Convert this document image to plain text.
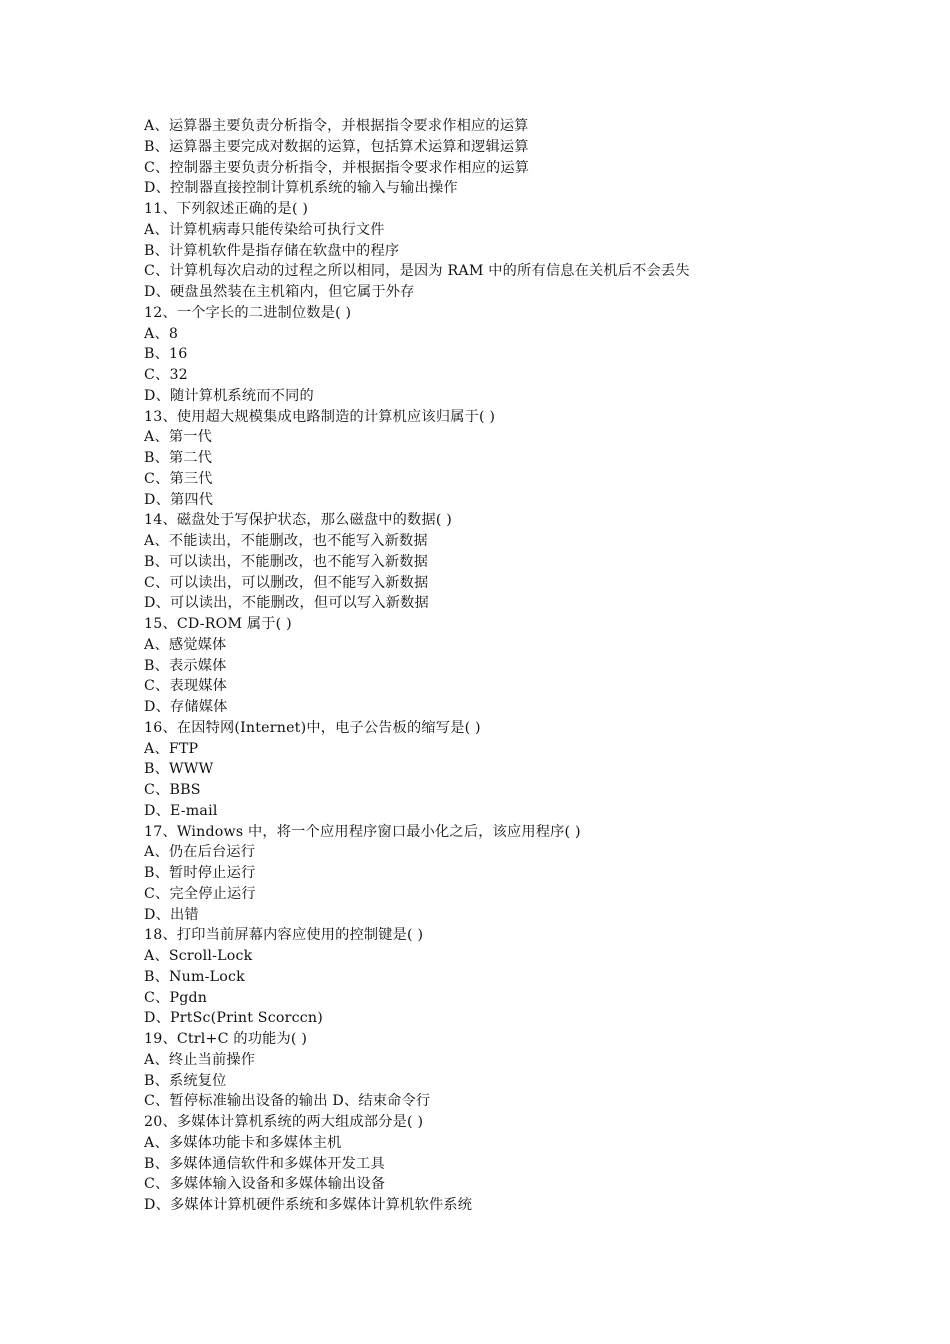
A、运算器主要负责分析指令，并根据指令要求作相应的运算
B、运算器主要完成对数据的运算，包括算术运算和逻辑运算
C、控制器主要负责分析指令，并根据指令要求作相应的运算
D、控制器直接控制计算机系统的输入与输出操作
11、下列叙述正确的是( )
A、计算机病毒只能传染给可执行文件
B、计算机软件是指存储在软盘中的程序
C、计算机每次启动的过程之所以相同，是因为 RAM 中的所有信息在关机后不会丢失
D、硬盘虽然装在主机箱内，但它属于外存
12、一个字长的二进制位数是( )
A、8
B、16
C、32
D、随计算机系统而不同的
13、使用超大规模集成电路制造的计算机应该归属于( )
A、第一代
B、第二代
C、第三代
D、第四代
14、磁盘处于写保护状态，那么磁盘中的数据( )
A、不能读出，不能删改，也不能写入新数据
B、可以读出，不能删改，也不能写入新数据
C、可以读出，可以删改，但不能写入新数据
D、可以读出，不能删改，但可以写入新数据
15、CD-ROM 属于( )
A、感觉媒体
B、表示媒体
C、表现媒体
D、存储媒体
16、在因特网(Internet)中，电子公告板的缩写是( )
A、FTP
B、WWW
C、BBS
D、E-mail
17、Windows 中，将一个应用程序窗口最小化之后，该应用程序( )
A、仍在后台运行
B、暂时停止运行
C、完全停止运行
D、出错
18、打印当前屏幕内容应使用的控制键是( )
A、Scroll-Lock
B、Num-Lock
C、Pgdn
D、PrtSc(Print Scorccn)
19、Ctrl+C 的功能为( )
A、终止当前操作
B、系统复位
C、暂停标准输出设备的输出 D、结束命令行
20、多媒体计算机系统的两大组成部分是( )
A、多媒体功能卡和多媒体主机
B、多媒体通信软件和多媒体开发工具
C、多媒体输入设备和多媒体输出设备
D、多媒体计算机硬件系统和多媒体计算机软件系统
